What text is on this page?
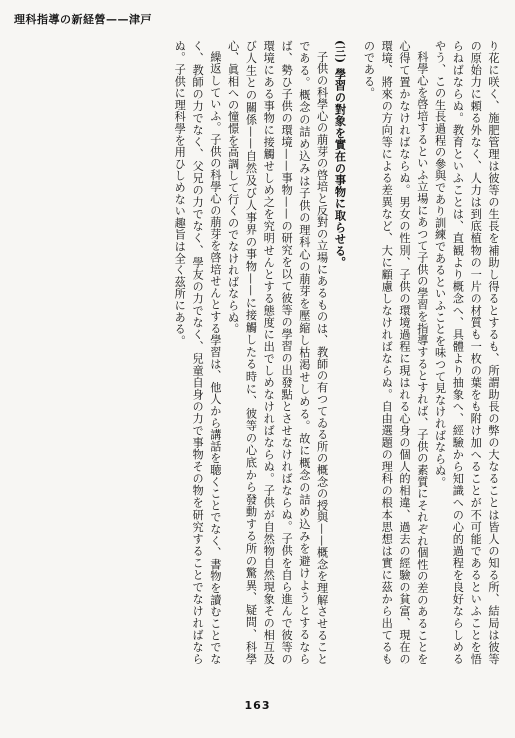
理科指導の新経營——津戸

り花に咲く、施肥管理は彼等の生長を補助し得るとするも、所謂助長の弊の大なることは皆人の知る所、結局は彼等の原始力に頼る外なく、人力は到底植物の一片の材質も一枚の葉をも附け加へることが不可能であるといふことを悟らねばならぬ。教育といふことは、直観より概念へ、具體より抽象へ、經驗から知識への心的過程を良好ならしめるやう、この生長過程の參與であり訓練であるといふことを味つて見なければならぬ。

科學心を啓培するといふ立場にあつて子供の學習を指導するとすれば、子供の素質にそれぞれ個性の差のあることを心得て置かなければならぬ。男女の性別、子供の環境過程に現はれる心身の個人的相違、過去の經驗の貧富、現在の環境、將來の方向等による差異など、大に顧慮しなければならぬ。自由選題の理科の根本思想は實に茲から出てるものである。

(三) 學習の對象を實在の事物に取らせる。

子供の科學心の萠芽の啓培と反對の立場にあるものは、教師の有つてゐる所の概念の授與——概念を理解させることである。概念の詰め込みは子供の理科心の萠芽を壓縮し枯渇せしめる。故に概念の詰め込みを避けようとするならば、勢ひ子供の環境——事物——の研究を以て彼等の學習の出發點とさせなければならぬ。子供を自ら進んで彼等の環境にある事物に接觸せしめ之を究明せんとする態度に出でしめなければならぬ。子供が自然物自然現象その相互及び人生との關係——自然及び人事界の事物——に接觸したる時に、彼等の心底から發動する所の驚異、疑問、科學心、眞相への憧憬を高調して行くのでなければならぬ。

繰返していふ。子供の科學心の萠芽を啓培せんとする學習は、他人から講話を聴くことでなく、書物を讀むことでなく、教師の力でなく、父兄の力でなく、學友の力でなく、兒童自身の力で事物その物を研究することでなければならぬ。子供に理科學を用ひしめない趣旨は全く茲所にある。

163
